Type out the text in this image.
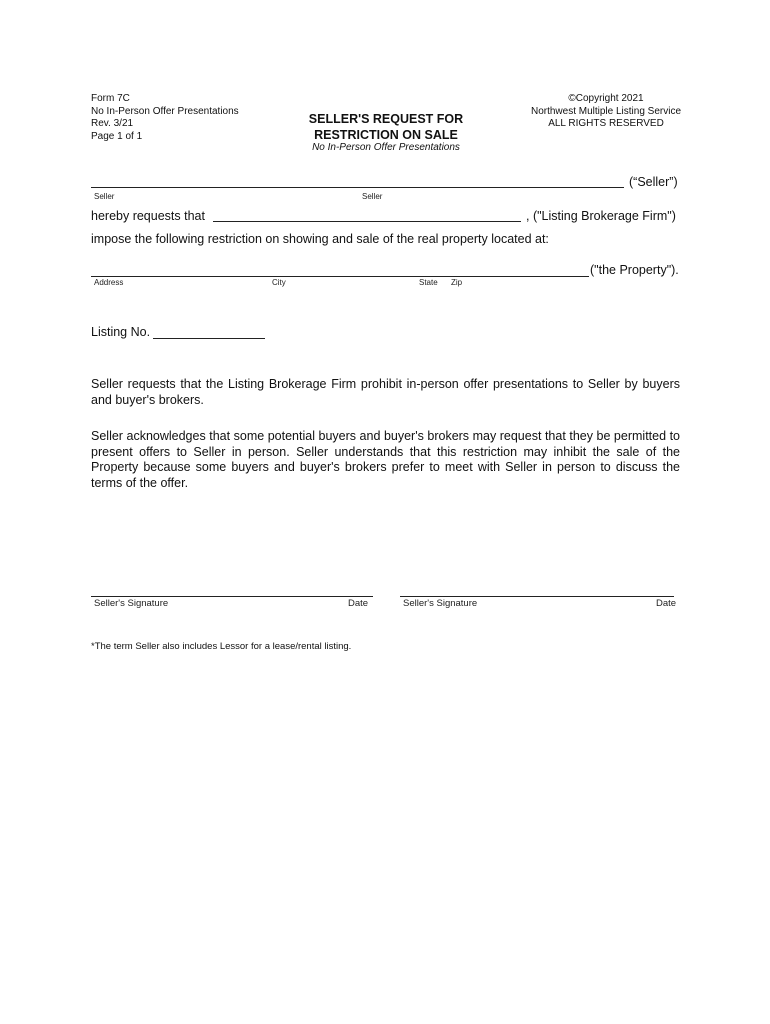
Form 7C
No In-Person Offer Presentations
Rev. 3/21
Page 1 of 1
SELLER'S REQUEST FOR
RESTRICTION ON SALE
No In-Person Offer Presentations
©Copyright 2021
Northwest Multiple Listing Service
ALL RIGHTS RESERVED
(“Seller”)
Seller	Seller
hereby requests that	, ("Listing Brokerage Firm")
impose the following restriction on showing and sale of the real property located at:
("the Property").
Address	City	State Zip
Listing No.
Seller requests that the Listing Brokerage Firm prohibit in-person offer presentations to Seller by buyers and buyer's brokers.
Seller acknowledges that some potential buyers and buyer's brokers may request that they be permitted to present offers to Seller in person. Seller understands that this restriction may inhibit the sale of the Property because some buyers and buyer's brokers prefer to meet with Seller in person to discuss the terms of the offer.
Seller's Signature	Date	Seller's Signature	Date
*The term Seller also includes Lessor for a lease/rental listing.
